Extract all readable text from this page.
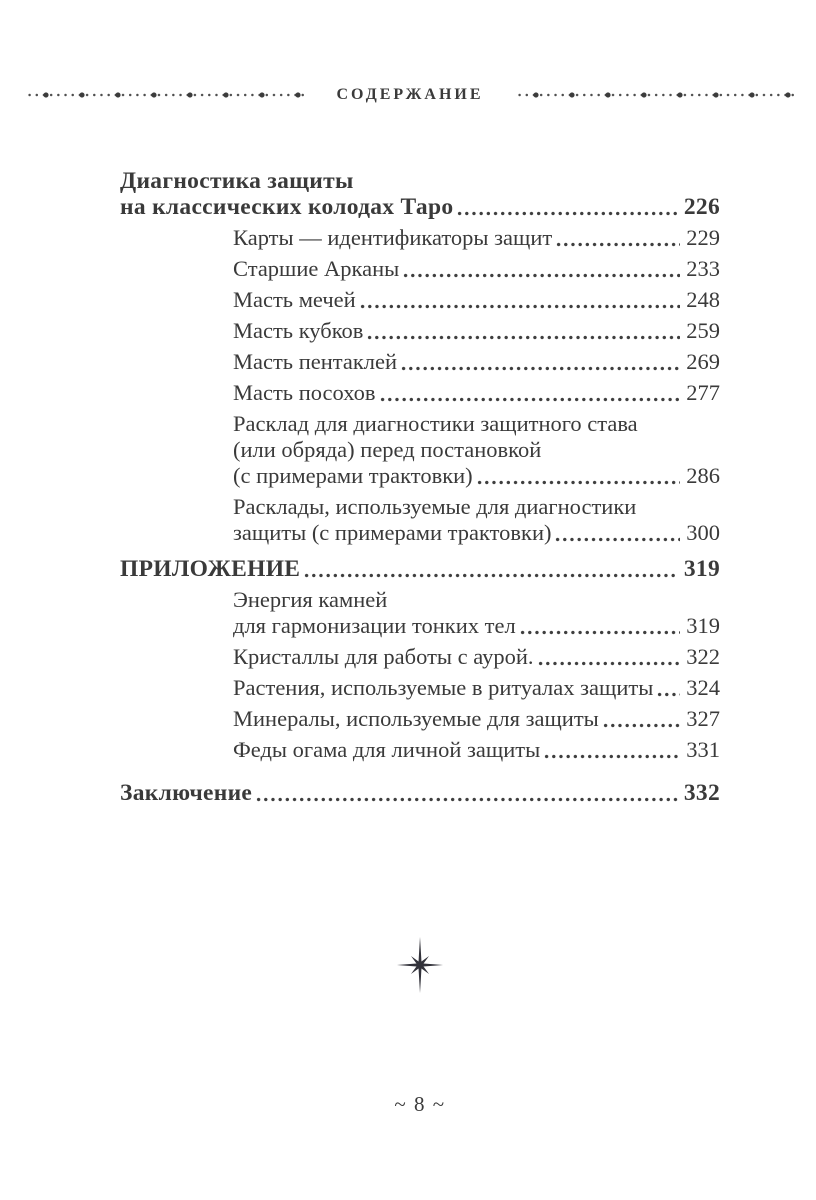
СОДЕРЖАНИЕ
Диагностика защиты
на классических колодах Таро	226
Карты — идентификаторы защит	229
Старшие Арканы	233
Масть мечей	248
Масть кубков	259
Масть пентаклей	269
Масть посохов	277
Расклад для диагностики защитного става
(или обряда) перед постановкой
(с примерами трактовки)	286
Расклады, используемые для диагностики
защиты (с примерами трактовки)	300
ПРИЛОЖЕНИЕ	319
Энергия камней
для гармонизации тонких тел	319
Кристаллы для работы с аурой.	322
Растения, используемые в ритуалах защиты 324
Минералы, используемые для защиты	327
Феды огама для личной защиты	331
Заключение	332
~ 8 ~
